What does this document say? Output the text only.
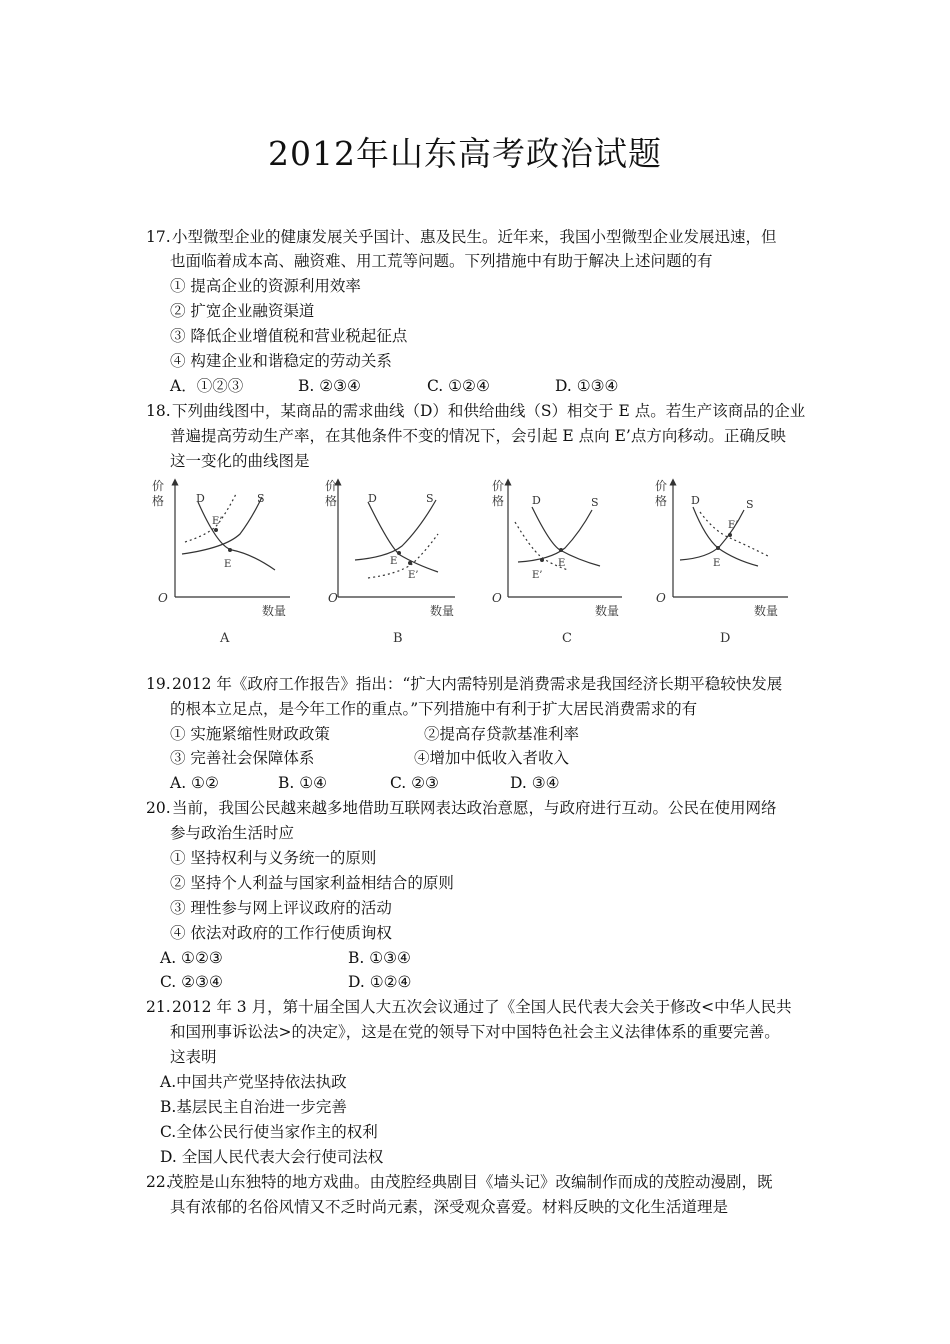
2012年山东高考政治试题
17. 小型微型企业的健康发展关乎国计、惠及民生。近年来，我国小型微型企业发展迅速，但
也面临着成本高、融资难、用工荒等问题。下列措施中有助于解决上述问题的有
① 提高企业的资源利用效率
② 扩宽企业融资渠道
③ 降低企业增值税和营业税起征点
④ 构建企业和谐稳定的劳动关系
A．①②③	B. ②③④	C. ①②④	D. ①③④
18. 下列曲线图中，某商品的需求曲线（D）和供给曲线（S）相交于 E 点。若生产该商品的企业
普遍提高劳动生产率，在其他条件不变的情况下，会引起 E 点向 E’点方向移动。正确反映
这一变化的曲线图是
价
格
O
数量
D	S
E
E’
A
价
格
O
数量
D	S
E
E’
B
价
格
O
数量
D	S
E
E’
C
价
格
O
数量
D	S
E
E’
D
19. 2012 年《政府工作报告》指出：“扩大内需特别是消费需求是我国经济长期平稳较快发展
的根本立足点，是今年工作的重点。”下列措施中有利于扩大居民消费需求的有
① 实施紧缩性财政政策	②提高存贷款基准利率
③ 完善社会保障体系	④增加中低收入者收入
A. ①②	B. ①④	C. ②③	D. ③④
20. 当前，我国公民越来越多地借助互联网表达政治意愿，与政府进行互动。公民在使用网络
参与政治生活时应
① 坚持权利与义务统一的原则
② 坚持个人利益与国家利益相结合的原则
③ 理性参与网上评议政府的活动
④ 依法对政府的工作行使质询权
A. ①②③	B. ①③④
C. ②③④	D. ①②④
21. 2012 年 3 月，第十届全国人大五次会议通过了《全国人民代表大会关于修改<中华人民共
和国刑事诉讼法>的决定》，这是在党的领导下对中国特色社会主义法律体系的重要完善。
这表明
A.中国共产党坚持依法执政
B.基层民主自治进一步完善
C.全体公民行使当家作主的权利
D. 全国人民代表大会行使司法权
22.
茂腔是山东独特的地方戏曲。由茂腔经典剧目《墙头记》改编制作而成的茂腔动漫剧，既
具有浓郁的名俗风情又不乏时尚元素，深受观众喜爱。材料反映的文化生活道理是
